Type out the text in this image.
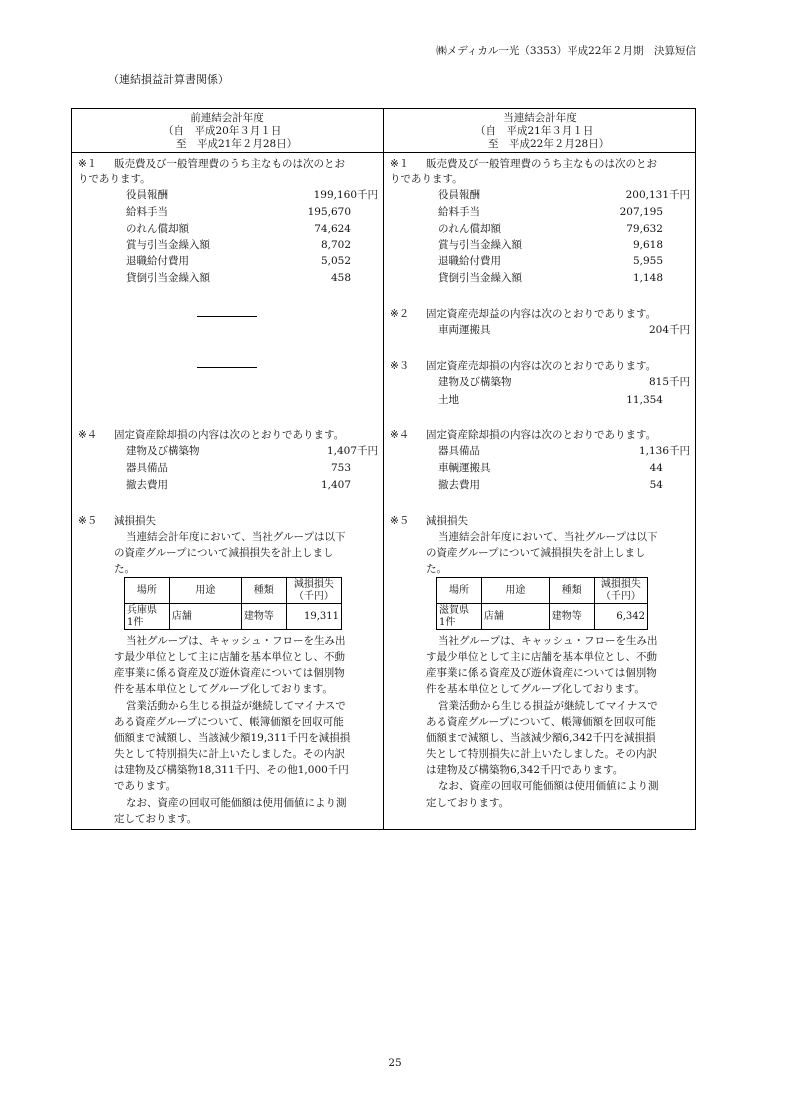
㈱メディカル一光（3353）平成22年２月期　決算短信
（連結損益計算書関係）
前連結会計年度
（自　平成20年３月１日
至　平成21年２月28日）
当連結会計年度
（自　平成21年３月１日
至　平成22年２月28日）
※１ 販売費及び一般管理費のうち主なものは次のとお
りであります。
役員報酬	199,160千円
給料手当	195,670
のれん償却額	74,624
賞与引当金繰入額	8,702
退職給付費用	5,052
貸倒引当金繰入額	458
※４ 固定資産除却損の内容は次のとおりであります。
建物及び構築物	1,407千円
器具備品	753
撤去費用	1,407
※５ 減損損失
当連結会計年度において、当社グループは以下
の資産グループについて減損損失を計上しまし
た。
場所	用途	種類	減損損失
（千円）

兵庫県
1件	店舗	建物等	19,311
当社グループは、キャッシュ・フローを生み出
す最少単位として主に店舗を基本単位とし、不動
産事業に係る資産及び遊休資産については個別物
件を基本単位としてグループ化しております。
営業活動から生じる損益が継続してマイナスで
ある資産グループについて、帳簿価額を回収可能
価額まで減額し、当該減少額19,311千円を減損損
失として特別損失に計上いたしました。その内訳
は建物及び構築物18,311千円、その他1,000千円
であります。
なお、資産の回収可能価額は使用価値により測
定しております。
※１ 販売費及び一般管理費のうち主なものは次のとお
りであります。
役員報酬	200,131千円
給料手当	207,195
のれん償却額	79,632
賞与引当金繰入額	9,618
退職給付費用	5,955
貸倒引当金繰入額	1,148
※２ 固定資産売却益の内容は次のとおりであります。
車両運搬具	204千円
※３ 固定資産売却損の内容は次のとおりであります。
建物及び構築物	815千円
土地	11,354
※４ 固定資産除却損の内容は次のとおりであります。
器具備品	1,136千円
車輌運搬具	44
撤去費用	54
※５ 減損損失
当連結会計年度において、当社グループは以下
の資産グループについて減損損失を計上しまし
た。
場所	用途	種類	減損損失
（千円）

滋賀県
1件	店舗	建物等	6,342
当社グループは、キャッシュ・フローを生み出
す最少単位として主に店舗を基本単位とし、不動
産事業に係る資産及び遊休資産については個別物
件を基本単位としてグループ化しております。
営業活動から生じる損益が継続してマイナスで
ある資産グループについて、帳簿価額を回収可能
価額まで減額し、当該減少額6,342千円を減損損
失として特別損失に計上いたしました。その内訳
は建物及び構築物6,342千円であります。
なお、資産の回収可能価額は使用価値により測
定しております。
25
